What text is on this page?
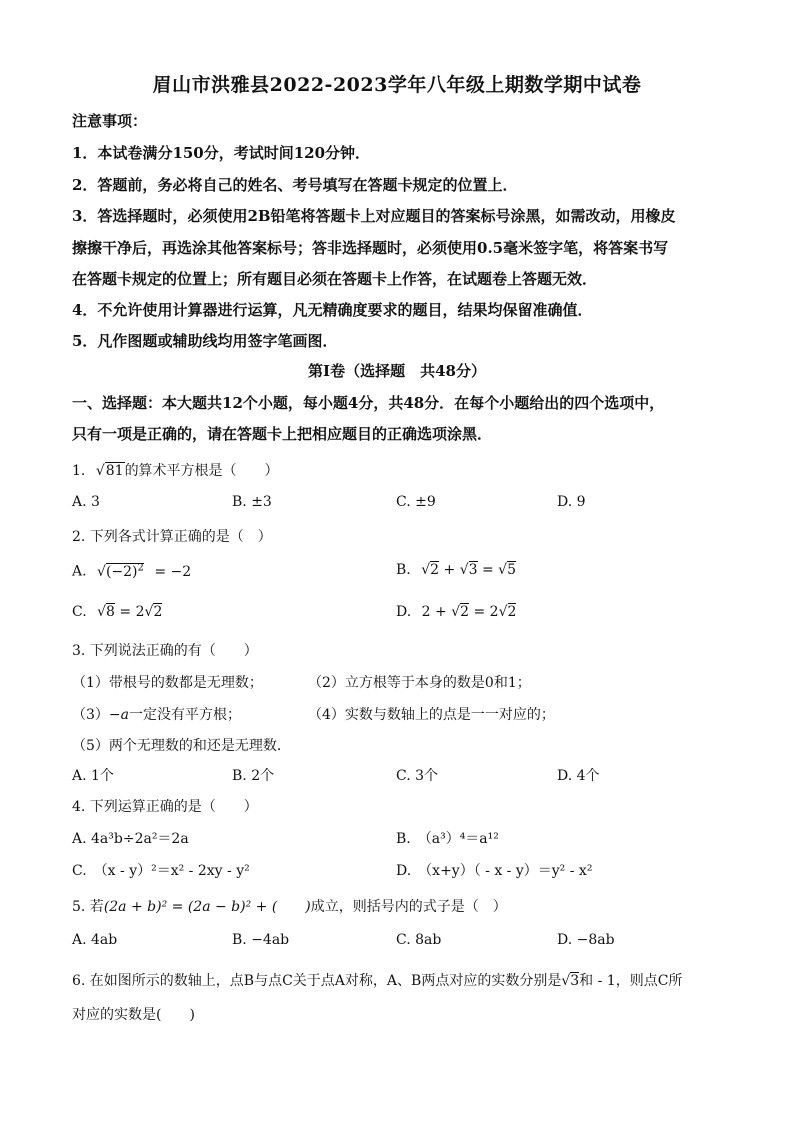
眉山市洪雅县2022-2023学年八年级上期数学期中试卷
注意事项：
1．本试卷满分150分，考试时间120分钟．
2．答题前，务必将自己的姓名、考号填写在答题卡规定的位置上．
3．答选择题时，必须使用2B铅笔将答题卡上对应题目的答案标号涂黑，如需改动，用橡皮
擦擦干净后，再选涂其他答案标号；答非选择题时，必须使用0.5毫米签字笔，将答案书写
在答题卡规定的位置上；所有题目必须在答题卡上作答，在试题卷上答题无效．
4．不允许使用计算器进行运算，凡无精确度要求的题目，结果均保留准确值．
5．凡作图题或辅助线均用签字笔画图．
第Ⅰ卷（选择题　共48分）
一、选择题：本大题共12个小题，每小题4分，共48分．在每个小题给出的四个选项中，
只有一项是正确的，请在答题卡上把相应题目的正确选项涂黑．
1. √81的算术平方根是（　　）
A. 3	B. ±3	C. ±9	D. 9
2. 下列各式计算正确的是（　）
A. $√(-2)^2 = -2$	B. √2 + √3 = √5
C. √8 = 2√2	D. 2 + √2 = 2√2
3. 下列说法正确的有（　　）
（1）带根号的数都是无理数；	（2）立方根等于本身的数是0和1；
（3）−a一定没有平方根；	（4）实数与数轴上的点是一一对应的；
（5）两个无理数的和还是无理数．
A. 1个	B. 2个	C. 3个	D. 4个
4. 下列运算正确的是（　　）
A. 4a³b÷2a²＝2a	B.　（a³）⁴＝a¹²
C.　（x - y）²＝x² - 2xy - y²	D.　（x+y）（ - x - y）＝y² - x²
5. 若(2a + b)² = (2a − b)² + (　　)成立，则括号内的式子是（　）
A. 4ab	B. −4ab	C. 8ab	D. −8ab
6. 在如图所示的数轴上，点B与点C关于点A对称，A、B两点对应的实数分别是√3和 - 1，则点C所
对应的实数是(　　)
